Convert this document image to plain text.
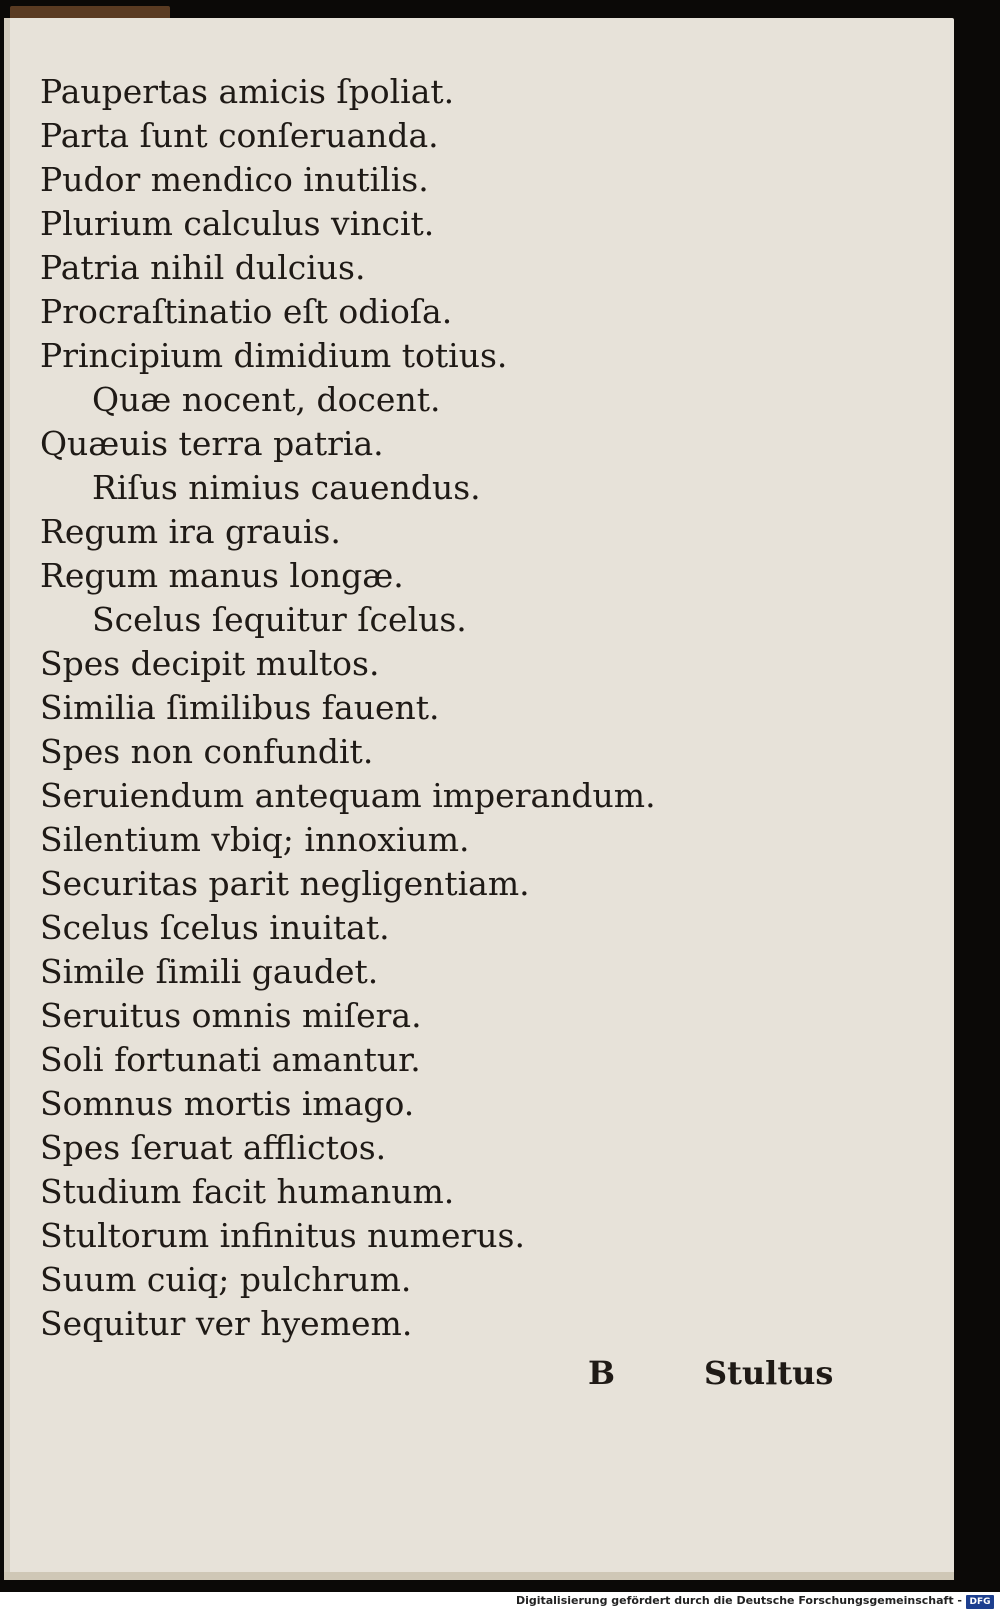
Paupertas amicis ſpoliat.
Parta ſunt conſeruanda.
Pudor mendico inutilis.
Plurium calculus vincit.
Patria nihil dulcius.
Procraſtinatio eſt odioſa.
Principium dimidium totius.
Quæ nocent, docent.
Quæuis terra patria.
Riſus nimius cauendus.
Regum ira grauis.
Regum manus longæ.
Scelus ſequitur ſcelus.
Spes decipit multos.
Similia ſimilibus fauent.
Spes non confundit.
Seruiendum antequam imperandum.
Silentium vbiq; innoxium.
Securitas parit negligentiam.
Scelus ſcelus inuitat.
Simile ſimili gaudet.
Seruitus omnis miſera.
Soli fortunati amantur.
Somnus mortis imago.
Spes ſeruat afflictos.
Studium facit humanum.
Stultorum infinitus numerus.
Suum cuiq; pulchrum.
Sequitur ver hyemem.
B	Stultus
Digitalisierung gefördert durch die Deutsche Forschungsgemeinschaft - DFG
